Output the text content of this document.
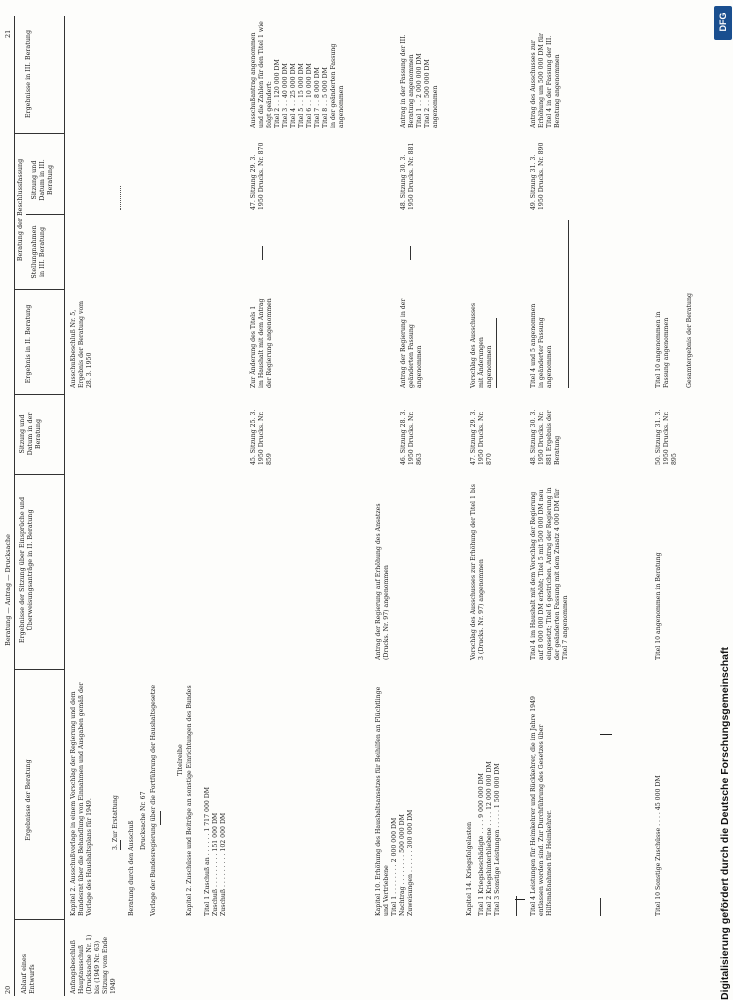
20
21
Beratung — Antrag — Drucksache
Ablauf eines Entwurfs
Ergebnisse der Beratung
Ergebnisse der Sitzung über Einsprüche und Überweisungsanträge in II. Beratung
Sitzung und Datum in der Beratung
Ergebnis in II. Beratung
Beratung der Beschlussfassung Stellungnahmen in III. Beratung
Sitzung und Datum in III. Beratung
Ergebnisse in III. Beratung
Anfangsbeschluß Hauptausschuß (Drucksache Nr. 1) bis (1949 Nr. 63) Sitzung vom Ende 1949
Kapitel 2. Ausschußvorlage in einem Vorschlag der Regierung und dem Bundesrat über die Behandlung von Einnahmen und Ausgaben gemäß der Vorlage des Haushaltsplans für 1949.	3. Zur Erstattung Beratung durch den Ausschuß Drucksache Nr. 67 Vorlage der Bundesregierung über die Fortführung der Haushaltsgesetze
Ausschußbeschluß Nr. 5, Ergebnis der Beratung vom 28. 3. 1950
Titelreihe Kapitel 2. Zuschüsse und Beiträge an sonstige Einrichtungen des Bundes Titel 1 Zuschuß an . . . . . . 1 717 000 DM
Zuschuß . . . . . . . . . 151 000 DM
Zuschuß . . . . . . . . . 102 000 DM
45. Sitzung 25. 3. 1950 Drucks. Nr. 859
Zur Änderung des Titels 1 im Haushalt mit dem Antrag der Regierung angenommen
47. Sitzung 29. 3. 1950 Drucks. Nr. 870
Ausschußantrag angenommen und die Zahlen für den Titel 1 wie folgt geändert:
Titel 2 . . 120 000 DM
Titel 3 . . 40 000 DM
Titel 4 . . 25 000 DM
Titel 5 . . 15 000 DM
Titel 6 . . 10 000 DM
Titel 7 . . 8 000 DM
Titel 8 . . 5 000 DM
in der geänderten Fassung angenommen
Kapitel 10. Erhöhung des Haushaltsansatzes für Beihilfen an Flüchtlinge und Vertriebene
Titel 1 . . . . . . . . 2 000 000 DM
Nachtrag . . . . . . . . 500 000 DM
Zuweisungen . . . . . . 300 000 DM
Antrag der Regierung auf Erhöhung des Ansatzes (Drucks. Nr. 97) angenommen
46. Sitzung 28. 3. 1950 Drucks. Nr. 863
Antrag der Regierung in der geänderten Fassung angenommen
48. Sitzung 30. 3. 1950 Drucks. Nr. 881
Antrag in der Fassung der III. Beratung angenommen
Titel 1 . . 2 000 000 DM
Titel 2 . . 500 000 DM
angenommen
Kapitel 14. Kriegsfolgelasten Titel 1 Kriegsbeschädigte . . . . 9 000 000 DM
Titel 2 Kriegshinterbliebene . . . . 12 000 000 DM
Titel 3 Sonstige Leistungen . . . . . 1 500 000 DM
Vorschlag des Ausschusses zur Erhöhung der Titel 1 bis 3 (Drucks. Nr. 97) angenommen
47. Sitzung 29. 3. 1950 Drucks. Nr. 870
Vorschlag des Ausschusses mit Änderungen angenommen
Titel 4 Leistungen für Heimkehrer und Rückkehrer, die im Jahre 1949 entlassen worden sind. Zur Durchführung des Gesetzes über Hilfsmaßnahmen für Heimkehrer.
Titel 4 im Haushalt mit dem Vorschlag der Regierung auf 8 000 000 DM erhöht; Titel 5 mit 500 000 DM neu eingesetzt; Titel 6 gestrichen. Antrag der Regierung in der geänderten Fassung mit dem Zusatz 4 000 DM für Titel 7 angenommen
48. Sitzung 30. 3. 1950 Drucks. Nr. 881 Ergebnis der Beratung
Titel 4 und 5 angenommen in geänderter Fassung angenommen
49. Sitzung 31. 3. 1950 Drucks. Nr. 890
Antrag des Ausschusses zur Erhöhung um 500 000 DM für Titel 4 in der Fassung der III. Beratung angenommen
Titel 10 Sonstige Zuschüsse . . . . 45 000 DM
Titel 10 angenommen in Beratung
50. Sitzung 31. 3. 1950 Drucks. Nr. 895
Titel 10 angenommen in Fassung angenommen	Gesamtergebnis der Beratung
DFG
Digitalisierung gefördert durch die Deutsche Forschungsgemeinschaft
